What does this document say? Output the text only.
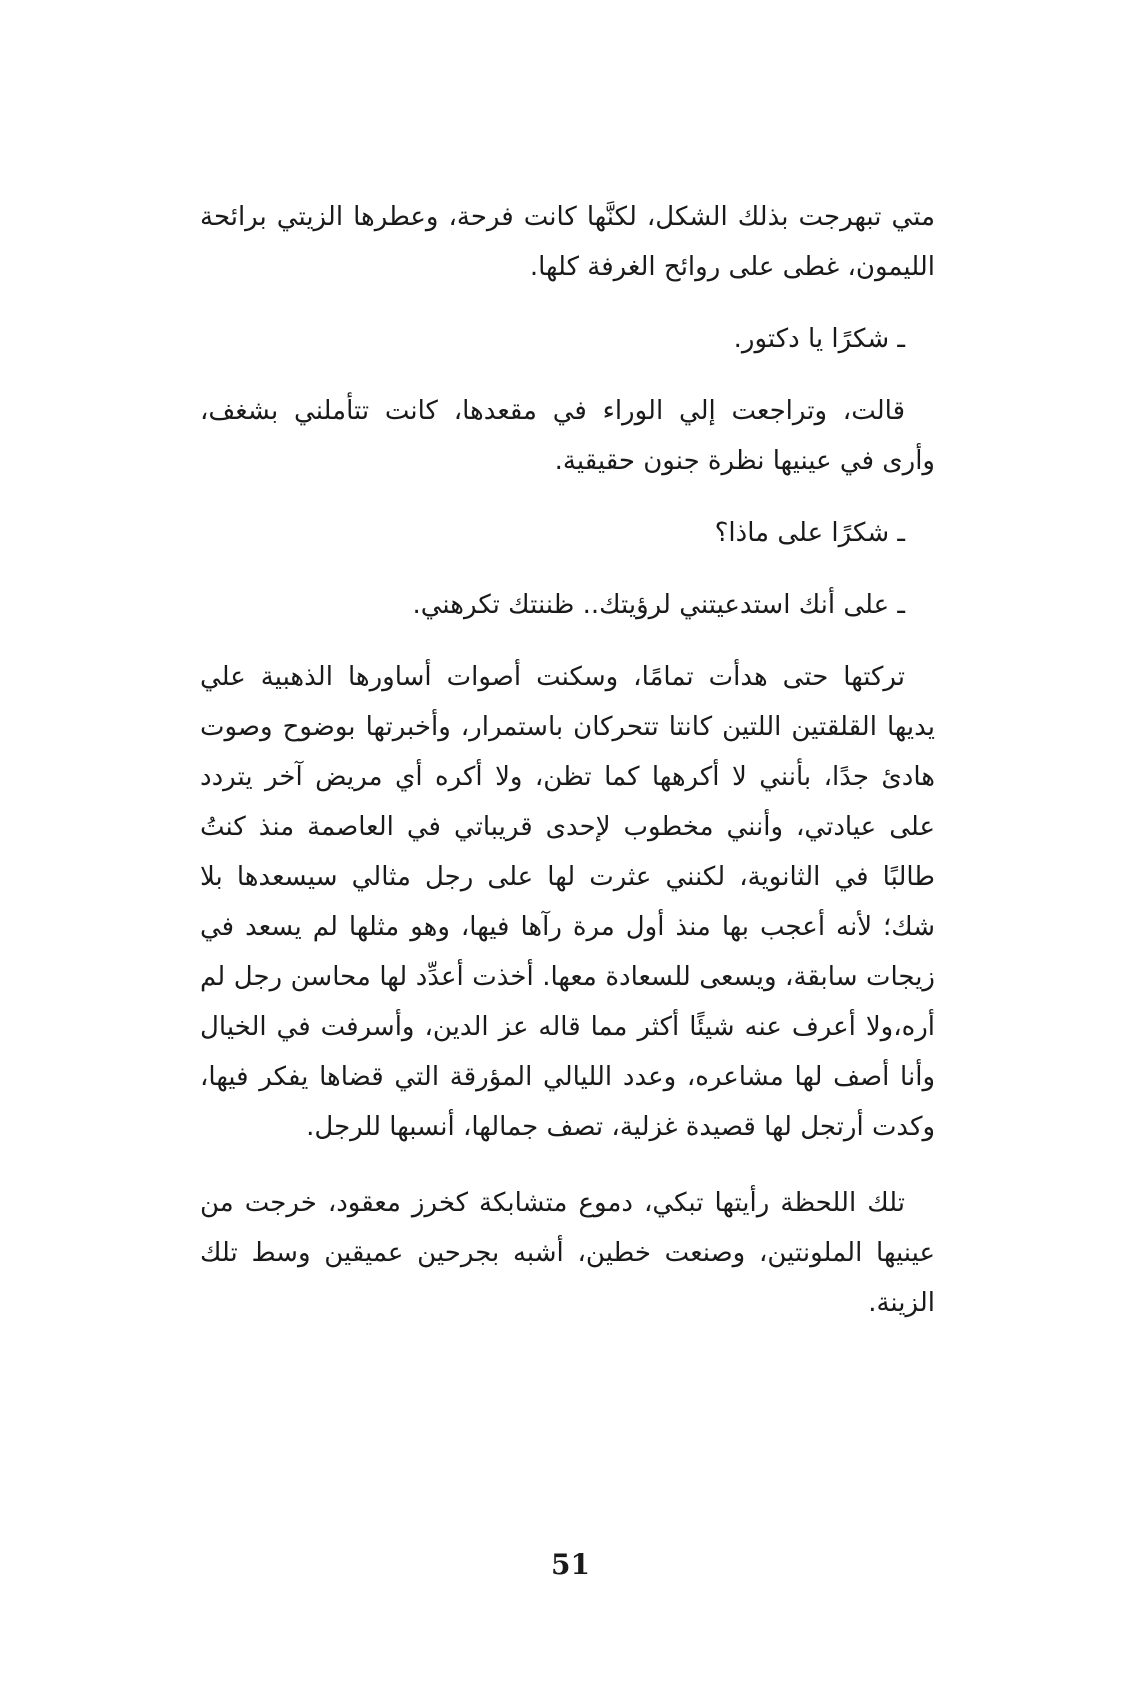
متي تبهرجت بذلك الشكل، لكنَّها كانت فرحة، وعطرها الزيتي برائحة الليمون، غطى على روائح الغرفة كلها.

ـ شكرًا يا دكتور.

قالت، وتراجعت إلي الوراء في مقعدها، كانت تتأملني بشغف، وأرى في عينيها نظرة جنون حقيقية.

ـ شكرًا على ماذا؟

ـ على أنك استدعيتني لرؤيتك.. ظننتك تكرهني.

تركتها حتى هدأت تمامًا، وسكنت أصوات أساورها الذهبية علي يديها القلقتين اللتين كانتا تتحركان باستمرار، وأخبرتها بوضوح وصوت هادئ جدًا، بأنني لا أكرهها كما تظن، ولا أكره أي مريض آخر يتردد على عيادتي، وأنني مخطوب لإحدى قريباتي في العاصمة منذ كنتُ طالبًا في الثانوية، لكنني عثرت لها على رجل مثالي سيسعدها بلا شك؛ لأنه أعجب بها منذ أول مرة رآها فيها، وهو مثلها لم يسعد في زيجات سابقة، ويسعى للسعادة معها. أخذت أعدِّد لها محاسن رجل لم أره،ولا أعرف عنه شيئًا أكثر مما قاله عز الدين، وأسرفت في الخيال وأنا أصف لها مشاعره، وعدد الليالي المؤرقة التي قضاها يفكر فيها، وكدت أرتجل لها قصيدة غزلية، تصف جمالها، أنسبها للرجل.

تلك اللحظة رأيتها تبكي، دموع متشابكة كخرز معقود، خرجت من عينيها الملونتين، وصنعت خطين، أشبه بجرحين عميقين وسط تلك الزينة.

51
